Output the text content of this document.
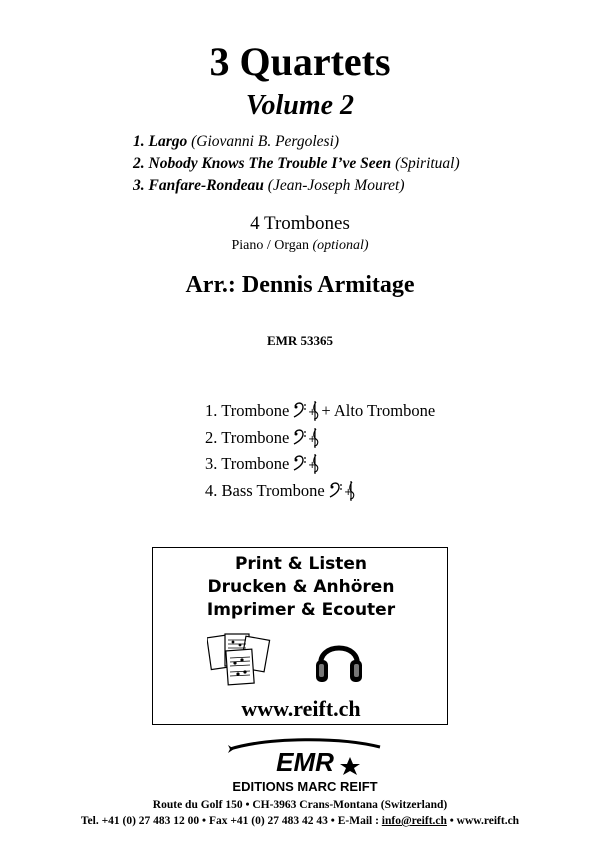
3 Quartets
Volume 2
1. Largo (Giovanni B. Pergolesi)
2. Nobody Knows The Trouble I’ve Seen (Spiritual)
3. Fanfare-Rondeau (Jean-Joseph Mouret)
4 Trombones
Piano / Organ (optional)
Arr.: Dennis Armitage
EMR 53365
1. Trombone + + Alto Trombone
2. Trombone +
3. Trombone +
4. Bass Trombone +
Print & Listen
Drucken & Anhören
Imprimer & Ecouter
www.reift.ch
EMR
EDITIONS MARC REIFT
Route du Golf 150 • CH-3963 Crans-Montana (Switzerland)
Tel. +41 (0) 27 483 12 00 • Fax +41 (0) 27 483 42 43 • E-Mail : info@reift.ch • www.reift.ch
